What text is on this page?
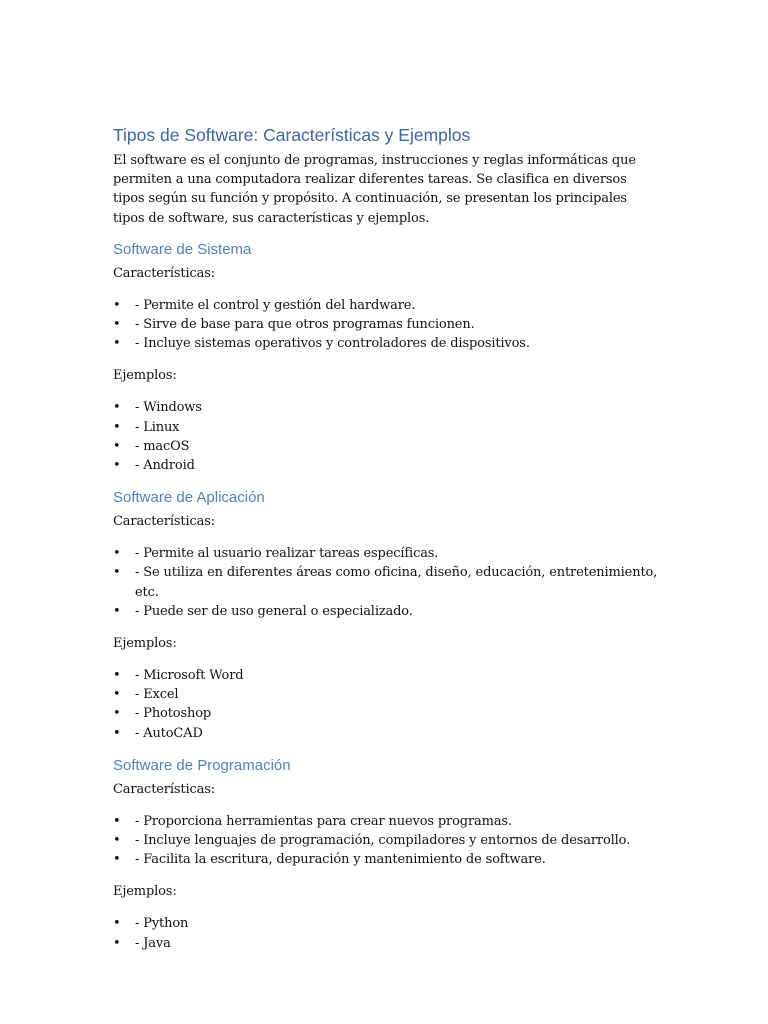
Tipos de Software: Características y Ejemplos

El software es el conjunto de programas, instrucciones y reglas informáticas que permiten a una computadora realizar diferentes tareas. Se clasifica en diversos tipos según su función y propósito. A continuación, se presentan los principales tipos de software, sus características y ejemplos.

Software de Sistema

Características:

• - Permite el control y gestión del hardware.
• - Sirve de base para que otros programas funcionen.
• - Incluye sistemas operativos y controladores de dispositivos.

Ejemplos:

• - Windows
• - Linux
• - macOS
• - Android
Software de Aplicación

Características:

• - Permite al usuario realizar tareas específicas.
• - Se utiliza en diferentes áreas como oficina, diseño, educación, entretenimiento, etc.
• - Puede ser de uso general o especializado.

Ejemplos:

• - Microsoft Word
• - Excel
• - Photoshop
• - AutoCAD
Software de Programación

Características:

• - Proporciona herramientas para crear nuevos programas.
• - Incluye lenguajes de programación, compiladores y entornos de desarrollo.
• - Facilita la escritura, depuración y mantenimiento de software.

Ejemplos:

• - Python
• - Java
